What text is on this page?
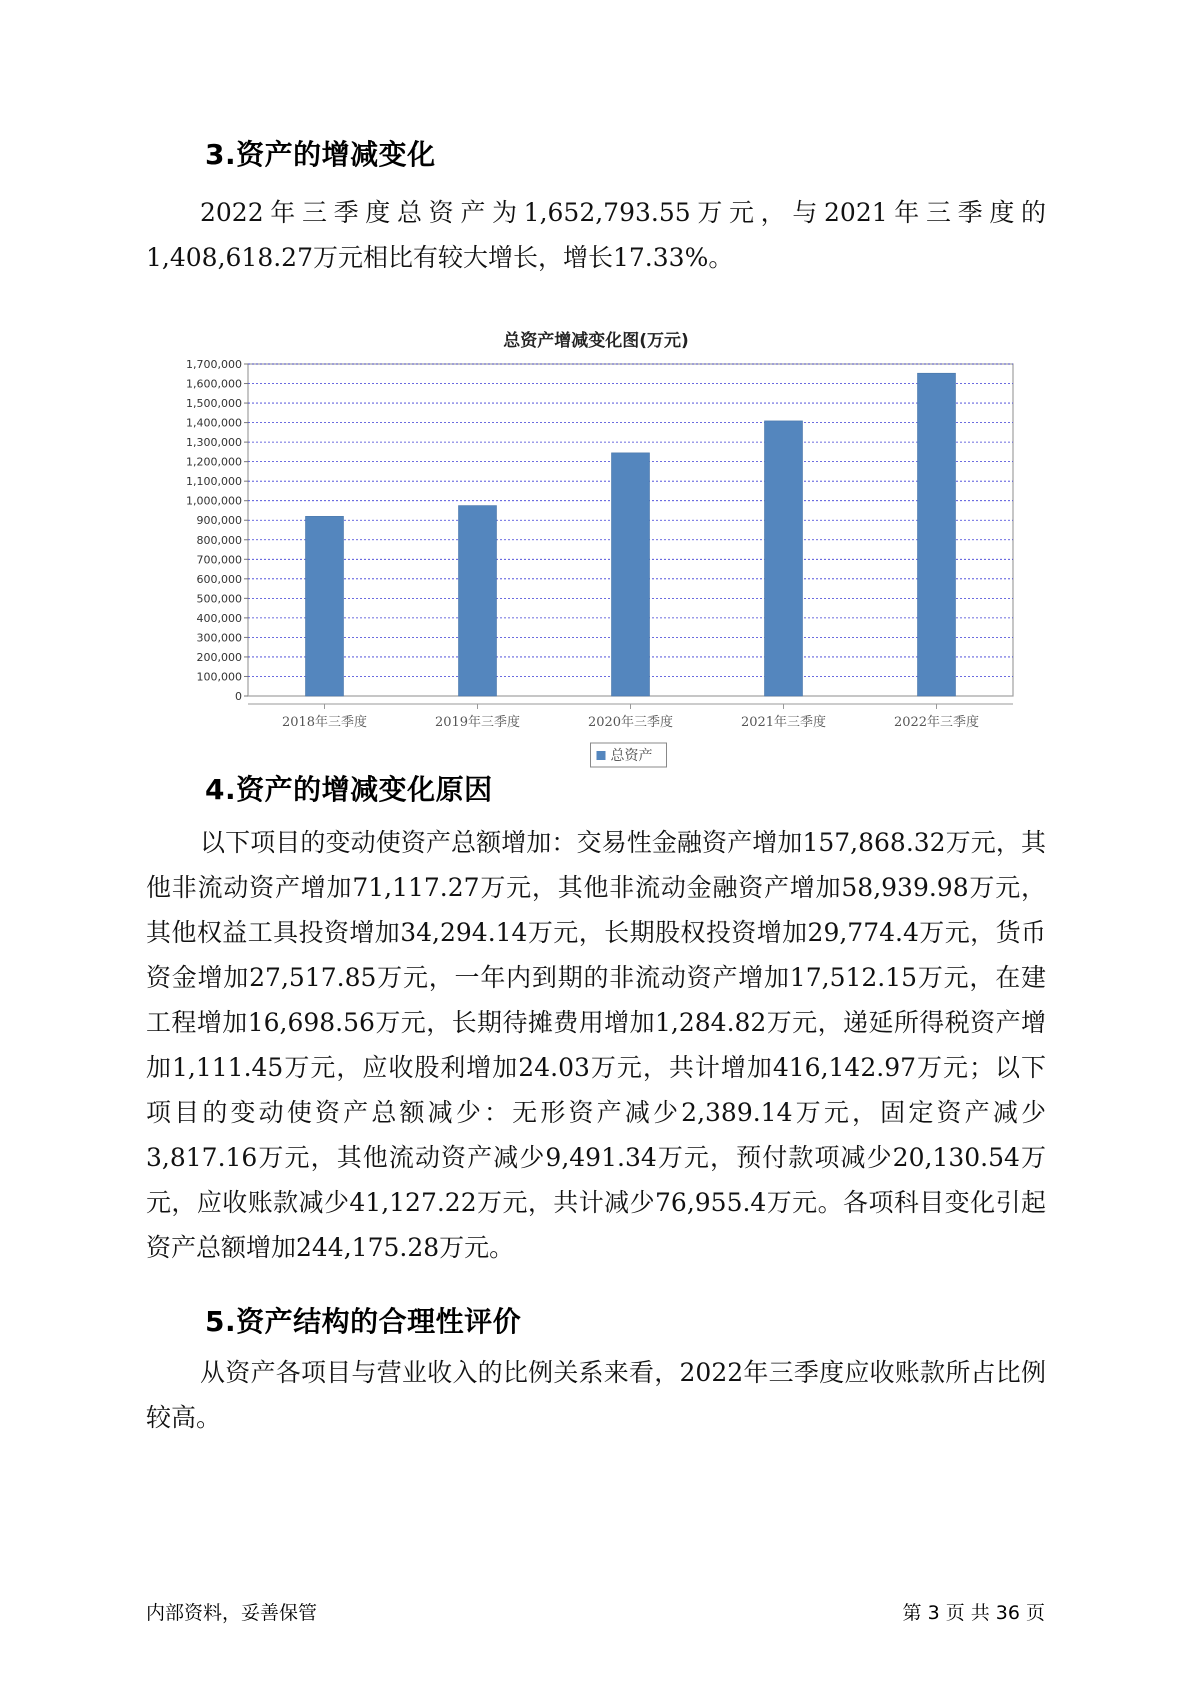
3.资产的增减变化

2022年三季度总资产为1,652,793.55万元，与2021年三季度的1,408,618.27万元相比有较大增长，增长17.33%。

总资产增减变化图(万元)
0
100,000
200,000
300,000
400,000
500,000
600,000
700,000
800,000
900,000
1,000,000
1,100,000
1,200,000
1,300,000
1,400,000
1,500,000
1,600,000
1,700,000
2018年三季度	2019年三季度	2020年三季度	2021年三季度	2022年三季度
总资产
4.资产的增减变化原因

以下项目的变动使资产总额增加：交易性金融资产增加157,868.32万元，其他非流动资产增加71,117.27万元，其他非流动金融资产增加58,939.98万元，其他权益工具投资增加34,294.14万元，长期股权投资增加29,774.4万元，货币资金增加27,517.85万元，一年内到期的非流动资产增加17,512.15万元，在建工程增加16,698.56万元，长期待摊费用增加1,284.82万元，递延所得税资产增加1,111.45万元，应收股利增加24.03万元，共计增加416,142.97万元；以下项目的变动使资产总额减少：无形资产减少2,389.14万元，固定资产减少3,817.16万元，其他流动资产减少9,491.34万元，预付款项减少20,130.54万元，应收账款减少41,127.22万元，共计减少76,955.4万元。各项科目变化引起资产总额增加244,175.28万元。

5.资产结构的合理性评价

从资产各项目与营业收入的比例关系来看，2022年三季度应收账款所占比例较高。

内部资料，妥善保管	第 3 页 共 36 页
